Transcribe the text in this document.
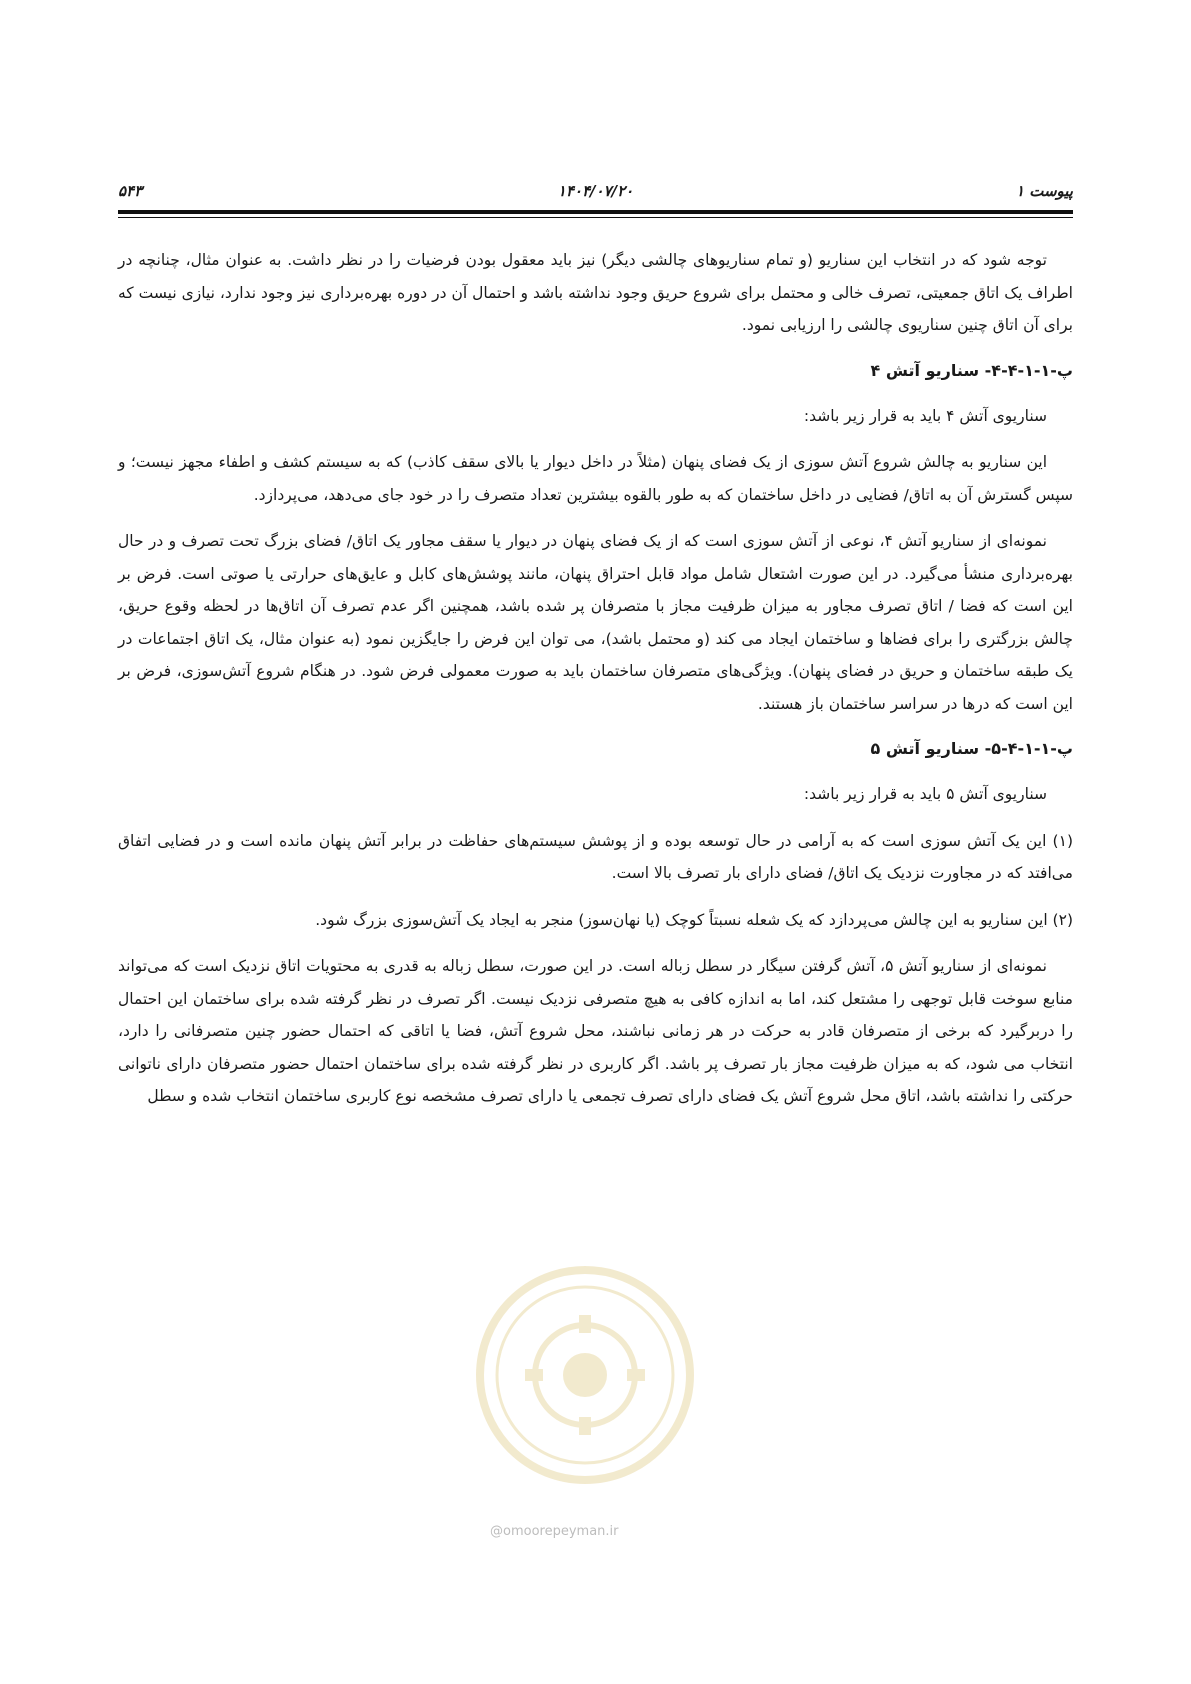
پیوست ۱
۱۴۰۴/۰۷/۲۰
۵۴۳

توجه شود که در انتخاب این سناریو (و تمام سناریوهای چالشی دیگر) نیز باید معقول بودن فرضیات را در نظر داشت. به عنوان مثال، چنانچه در اطراف یک اتاق جمعیتی، تصرف خالی و محتمل برای شروع حریق وجود نداشته باشد و احتمال آن در دوره بهره‌برداری نیز وجود ندارد، نیازی نیست که برای آن اتاق چنین سناریوی چالشی را ارزیابی نمود.

پ-۱-۱-۴-۴- سناریو آتش ۴

سناریوی آتش ۴ باید به قرار زیر باشد:

این سناریو به چالش شروع آتش سوزی از یک فضای پنهان (مثلاً در داخل دیوار یا بالای سقف کاذب) که به سیستم کشف و اطفاء مجهز نیست؛ و سپس گسترش آن به اتاق/ فضایی در داخل ساختمان که به طور بالقوه بیشترین تعداد متصرف را در خود جای می‌دهد، می‌پردازد.

نمونه‌ای از سناریو آتش ۴، نوعی از آتش سوزی است که از یک فضای پنهان در دیوار یا سقف مجاور یک اتاق/ فضای بزرگ تحت تصرف و در حال بهره‌برداری منشأ می‌گیرد. در این صورت اشتعال شامل مواد قابل احتراق پنهان، مانند پوشش‌های کابل و عایق‌های حرارتی یا صوتی است. فرض بر این است که فضا / اتاق تصرف مجاور به میزان ظرفیت مجاز با متصرفان پر شده باشد، همچنین اگر عدم تصرف آن اتاق‌ها در لحظه وقوع حریق، چالش بزرگتری را برای فضاها و ساختمان ایجاد می کند (و محتمل باشد)، می توان این فرض را جایگزین نمود (به عنوان مثال، یک اتاق اجتماعات در یک طبقه ساختمان و حریق در فضای پنهان). ویژگی‌های متصرفان ساختمان باید به صورت معمولی فرض شود. در هنگام شروع آتش‌سوزی، فرض بر این است که درها در سراسر ساختمان باز هستند.

پ-۱-۱-۴-۵- سناریو آتش ۵

سناریوی آتش ۵ باید به قرار زیر باشد:

(۱) این یک آتش سوزی است که به آرامی در حال توسعه بوده و از پوشش سیستم‌های حفاظت در برابر آتش پنهان مانده است و در فضایی اتفاق می‌افتد که در مجاورت نزدیک یک اتاق/ فضای دارای بار تصرف بالا است.

(۲) این سناریو به این چالش می‌پردازد که یک شعله نسبتاً کوچک (یا نهان‌سوز) منجر به ایجاد یک آتش‌سوزی بزرگ شود.

نمونه‌ای از سناریو آتش ۵، آتش گرفتن سیگار در سطل زباله است. در این صورت، سطل زباله به قدری به محتویات اتاق نزدیک است که می‌تواند منابع سوخت قابل توجهی را مشتعل کند، اما به اندازه کافی به هیچ متصرفی نزدیک نیست. اگر تصرف در نظر گرفته شده برای ساختمان این احتمال را دربرگیرد که برخی از متصرفان قادر به حرکت در هر زمانی نباشند، محل شروع آتش، فضا یا اتاقی که احتمال حضور چنین متصرفانی را دارد، انتخاب می شود، که به میزان ظرفیت مجاز بار تصرف پر باشد. اگر کاربری در نظر گرفته شده برای ساختمان احتمال حضور متصرفان دارای ناتوانی حرکتی را نداشته باشد، اتاق محل شروع آتش یک فضای دارای تصرف تجمعی یا دارای تصرف مشخصه نوع کاربری ساختمان انتخاب شده و سطل

@omoorepeyman.ir
